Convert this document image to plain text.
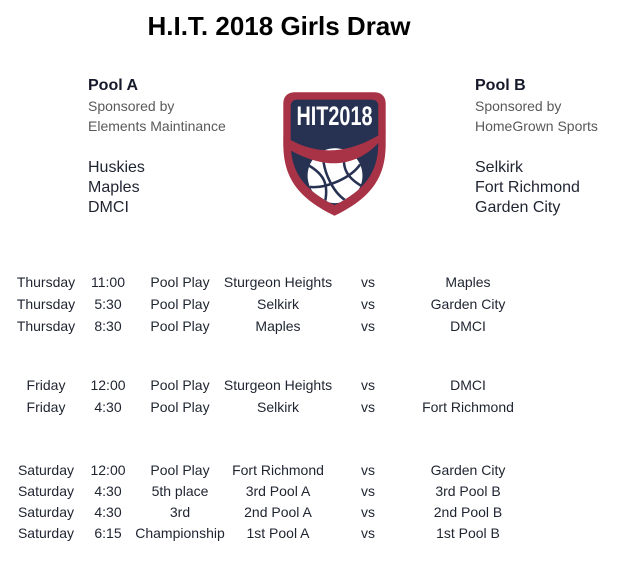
H.I.T. 2018 Girls Draw
Pool A
Sponsored by
Elements Maintinance
Huskies
Maples
DMCI
Pool B
Sponsored by
HomeGrown Sports
Selkirk
Fort Richmond
Garden City
HIT2018
Thursday	11:00	Pool Play	Sturgeon Heights	vs	Maples
Thursday	5:30	Pool Play	Selkirk	vs	Garden City
Thursday	8:30	Pool Play	Maples	vs	DMCI
Friday	12:00	Pool Play	Sturgeon Heights	vs	DMCI
Friday	4:30	Pool Play	Selkirk	vs	Fort Richmond
Saturday	12:00	Pool Play	Fort Richmond	vs	Garden City
Saturday	4:30	5th place	3rd Pool A	vs	3rd Pool B
Saturday	4:30	3rd	2nd Pool A	vs	2nd Pool B
Saturday	6:15 Championship	1st Pool A	vs	1st Pool B
